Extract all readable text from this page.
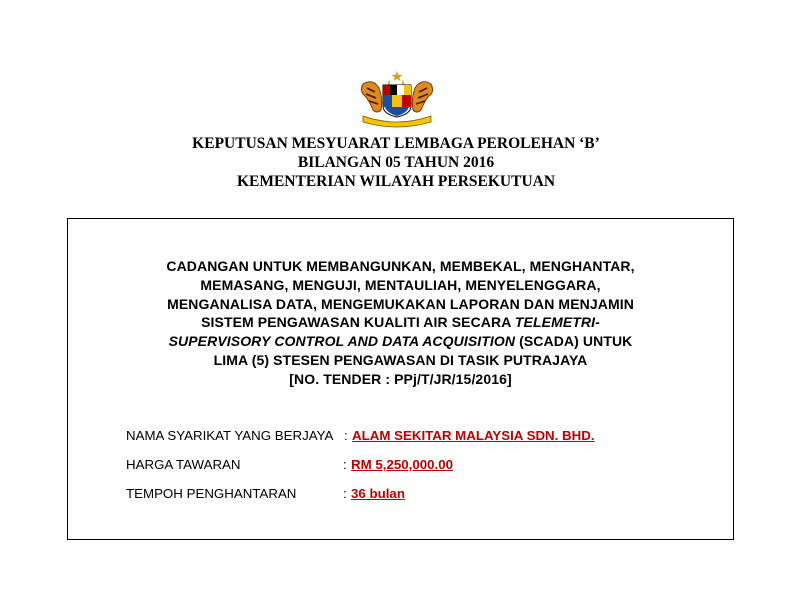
KEPUTUSAN MESYUARAT LEMBAGA PEROLEHAN ‘B’
BILANGAN 05 TAHUN 2016
KEMENTERIAN WILAYAH PERSEKUTUAN
CADANGAN UNTUK MEMBANGUNKAN, MEMBEKAL, MENGHANTAR,
MEMASANG, MENGUJI, MENTAULIAH, MENYELENGGARA,
MENGANALISA DATA, MENGEMUKAKAN LAPORAN DAN MENJAMIN
SISTEM PENGAWASAN KUALITI AIR SECARA TELEMETRI-
SUPERVISORY CONTROL AND DATA ACQUISITION (SCADA) UNTUK
LIMA (5) STESEN PENGAWASAN DI TASIK PUTRAJAYA
[NO. TENDER : PPj/T/JR/15/2016]
NAMA SYARIKAT YANG BERJAYA : ALAM SEKITAR MALAYSIA SDN. BHD.
HARGA TAWARAN	: RM 5,250,000.00
TEMPOH PENGHANTARAN	: 36 bulan
